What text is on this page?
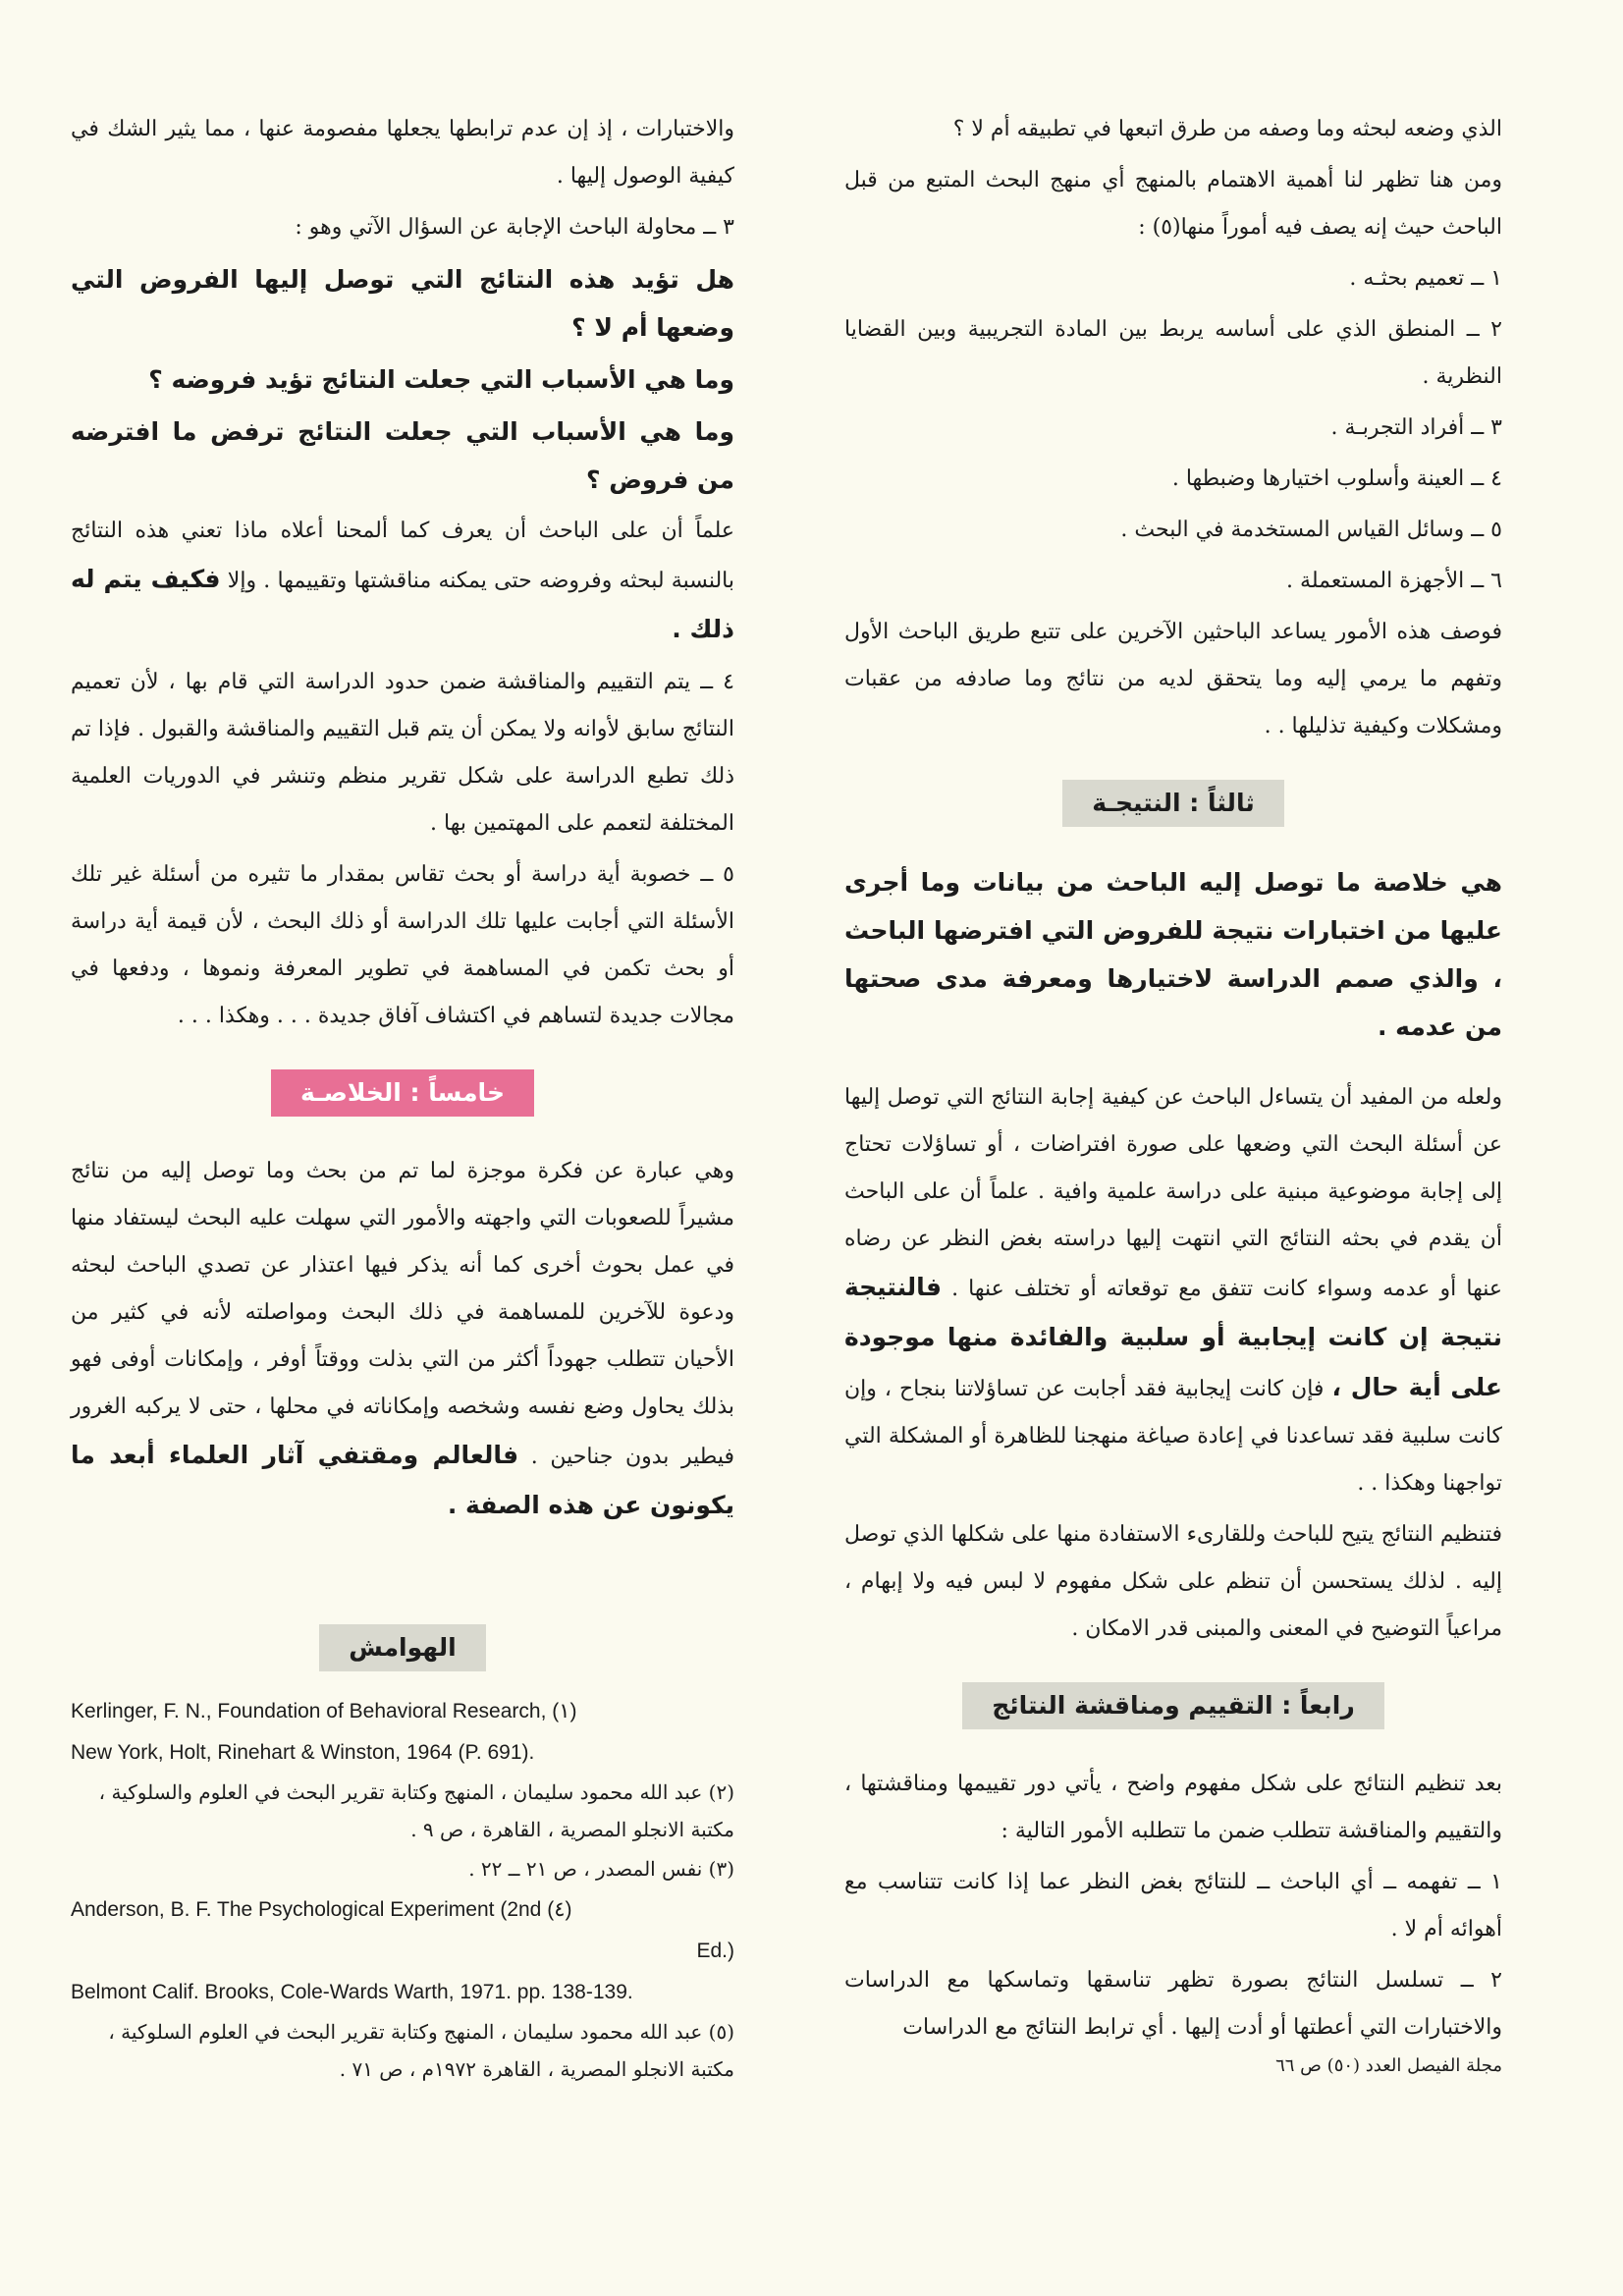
الذي وضعه لبحثه وما وصفه من طرق اتبعها في تطبيقه أم لا ؟

ومن هنا تظهر لنا أهمية الاهتمام بالمنهج أي منهج البحث المتبع من قبل الباحث حيث إنه يصف فيه أموراً منها(٥) :

١ ــ تعميم بحثـه .

٢ ــ المنطق الذي على أساسه يربط بين المادة التجريبية وبين القضايا النظرية .

٣ ــ أفراد التجربـة .

٤ ــ العينة وأسلوب اختيارها وضبطها .

٥ ــ وسائل القياس المستخدمة في البحث .

٦ ــ الأجهزة المستعملة .

فوصف هذه الأمور يساعد الباحثين الآخرين على تتبع طريق الباحث الأول وتفهم ما يرمي إليه وما يتحقق لديه من نتائج وما صادفه من عقبات ومشكلات وكيفية تذليلها . .

ثالثاً : النتيجـة

هي خلاصة ما توصل إليه الباحث من بيانات وما أجرى عليها من اختبارات نتيجة للفروض التي افترضها الباحث ، والذي صمم الدراسة لاختيارها ومعرفة مدى صحتها من عدمه .

ولعله من المفيد أن يتساءل الباحث عن كيفية إجابة النتائج التي توصل إليها عن أسئلة البحث التي وضعها على صورة افتراضات ، أو تساؤلات تحتاج إلى إجابة موضوعية مبنية على دراسة علمية وافية . علماً أن على الباحث أن يقدم في بحثه النتائج التي انتهت إليها دراسته بغض النظر عن رضاه عنها أو عدمه وسواء كانت تتفق مع توقعاته أو تختلف عنها . فالنتيجة نتيجة إن كانت إيجابية أو سلبية والفائدة منها موجودة على أية حال ، فإن كانت إيجابية فقد أجابت عن تساؤلاتنا بنجاح ، وإن كانت سلبية فقد تساعدنا في إعادة صياغة منهجنا للظاهرة أو المشكلة التي تواجهنا وهكذا . .

فتنظيم النتائج يتيح للباحث وللقارىء الاستفادة منها على شكلها الذي توصل إليه . لذلك يستحسن أن تنظم على شكل مفهوم لا لبس فيه ولا إبهام ، مراعياً التوضيح في المعنى والمبنى قدر الامكان .

رابعاً : التقييم ومناقشة النتائج

بعد تنظيم النتائج على شكل مفهوم واضح ، يأتي دور تقييمها ومناقشتها ، والتقييم والمناقشة تتطلب ضمن ما تتطلبه الأمور التالية :

١ ــ تفهمه ــ أي الباحث ــ للنتائج بغض النظر عما إذا كانت تتناسب مع أهوائه أم لا .

٢ ــ تسلسل النتائج بصورة تظهر تناسقها وتماسكها مع الدراسات والاختبارات التي أعطتها أو أدت إليها . أي ترابط النتائج مع الدراسات

والاختبارات ، إذ إن عدم ترابطها يجعلها مفصومة عنها ، مما يثير الشك في كيفية الوصول إليها .

٣ ــ محاولة الباحث الإجابة عن السؤال الآتي وهو :

هل تؤيد هذه النتائج التي توصل إليها الفروض التي وضعها أم لا ؟

وما هي الأسباب التي جعلت النتائج تؤيد فروضه ؟

وما هي الأسباب التي جعلت النتائج ترفض ما افترضه من فروض ؟

علماً أن على الباحث أن يعرف كما ألمحنا أعلاه ماذا تعني هذه النتائج بالنسبة لبحثه وفروضه حتى يمكنه مناقشتها وتقييمها . وإلا فكيف يتم له ذلك .

٤ ــ يتم التقييم والمناقشة ضمن حدود الدراسة التي قام بها ، لأن تعميم النتائج سابق لأوانه ولا يمكن أن يتم قبل التقييم والمناقشة والقبول . فإذا تم ذلك تطبع الدراسة على شكل تقرير منظم وتنشر في الدوريات العلمية المختلفة لتعمم على المهتمين بها .

٥ ــ خصوبة أية دراسة أو بحث تقاس بمقدار ما تثيره من أسئلة غير تلك الأسئلة التي أجابت عليها تلك الدراسة أو ذلك البحث ، لأن قيمة أية دراسة أو بحث تكمن في المساهمة في تطوير المعرفة ونموها ، ودفعها في مجالات جديدة لتساهم في اكتشاف آفاق جديدة . . . وهكذا . . .

خامساً : الخلاصـة

وهي عبارة عن فكرة موجزة لما تم من بحث وما توصل إليه من نتائج مشيراً للصعوبات التي واجهته والأمور التي سهلت عليه البحث ليستفاد منها في عمل بحوث أخرى كما أنه يذكر فيها اعتذار عن تصدي الباحث لبحثه ودعوة للآخرين للمساهمة في ذلك البحث ومواصلته لأنه في كثير من الأحيان تتطلب جهوداً أكثر من التي بذلت ووقتاً أوفر ، وإمكانات أوفى فهو بذلك يحاول وضع نفسه وشخصه وإمكاناته في محلها ، حتى لا يركبه الغرور فيطير بدون جناحين . فالعالم ومقتفي آثار العلماء أبعد ما يكونون عن هذه الصفة .

الهوامش
Kerlinger, F. N., Foundation of Behavioral Research, (١)
New York, Holt, Rinehart & Winston, 1964 (P. 691).
(٢) عبد الله محمود سليمان ، المنهج وكتابة تقرير البحث في العلوم والسلوكية ، مكتبة الانجلو المصرية ، القاهرة ، ص ٩ .
(٣) نفس المصدر ، ص ٢١ ــ ٢٢ .
Anderson, B. F. The Psychological Experiment (2nd (٤)
Ed.)
Belmont Calif. Brooks, Cole-Wards Warth, 1971. pp. 138-139.
(٥) عبد الله محمود سليمان ، المنهج وكتابة تقرير البحث في العلوم السلوكية ، مكتبة الانجلو المصرية ، القاهرة ١٩٧٢م ، ص ٧١ .	مجلة الفيصل العدد (٥٠) ص ٦٦
